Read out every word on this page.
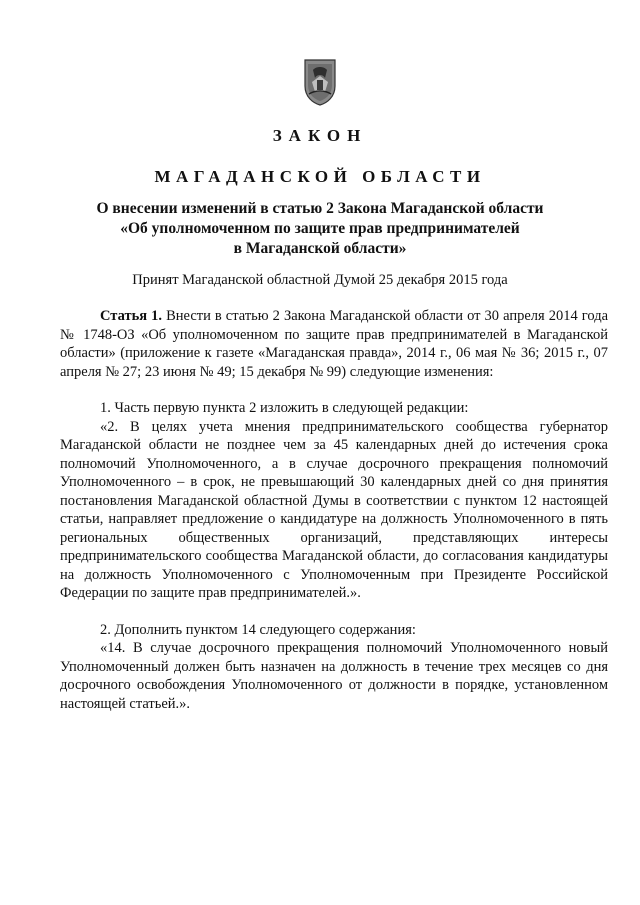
ЗАКОН
МАГАДАНСКОЙ ОБЛАСТИ
О внесении изменений в статью 2 Закона Магаданской области
«Об уполномоченном по защите прав предпринимателей
в Магаданской области»
Принят Магаданской областной Думой 25 декабря 2015 года

Статья 1. Внести в статью 2 Закона Магаданской области от 30 апреля 2014 года № 1748-ОЗ «Об уполномоченном по защите прав предпринимателей в Магаданской области» (приложение к газете «Магаданская правда», 2014 г., 06 мая № 36; 2015 г., 07 апреля № 27; 23 июня № 49; 15 декабря № 99) следующие изменения:

1. Часть первую пункта 2 изложить в следующей редакции:

«2. В целях учета мнения предпринимательского сообщества губернатор Магаданской области не позднее чем за 45 календарных дней до истечения срока полномочий Уполномоченного, а в случае досрочного прекращения полномочий Уполномоченного – в срок, не превышающий 30 календарных дней со дня принятия постановления Магаданской областной Думы в соответствии с пунктом 12 настоящей статьи, направляет предложение о кандидатуре на должность Уполномоченного в пять региональных общественных организаций, представляющих интересы предпринимательского сообщества Магаданской области, до согласования кандидатуры на должность Уполномоченного с Уполномоченным при Президенте Российской Федерации по защите прав предпринимателей.».

2. Дополнить пунктом 14 следующего содержания:

«14. В случае досрочного прекращения полномочий Уполномоченного новый Уполномоченный должен быть назначен на должность в течение трех месяцев со дня досрочного освобождения Уполномоченного от должности в порядке, установленном настоящей статьей.».
